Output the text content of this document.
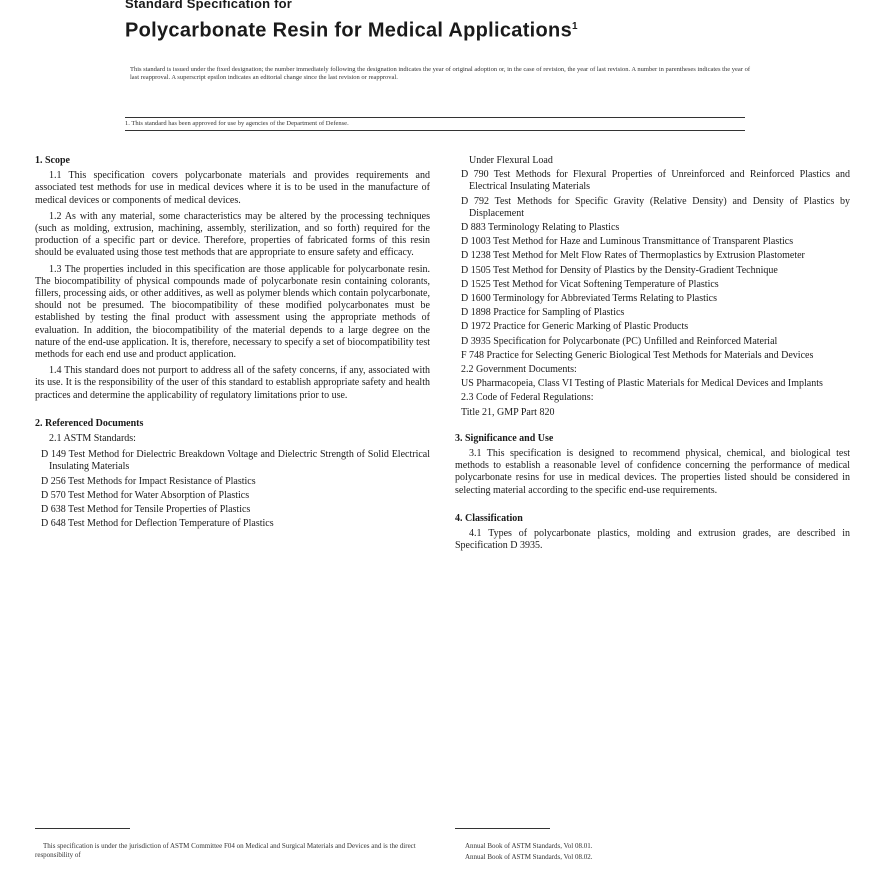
Standard Specification for
Polycarbonate Resin for Medical Applications$^1$
This standard is issued under the fixed designation; the number immediately following the designation indicates the year of original adoption or, in the case of revision, the year of last revision. A number in parentheses indicates the year of last reapproval. A superscript epsilon indicates an editorial change since the last revision or reapproval.
1. This standard has been approved for use by agencies of the Department of Defense.
1. Scope

1.1 This specification covers polycarbonate materials and provides requirements and associated test methods for use in medical devices where it is to be used in the manufacture of medical devices or components of medical devices.

1.2 As with any material, some characteristics may be altered by the processing techniques (such as molding, extrusion, machining, assembly, sterilization, and so forth) required for the production of a specific part or device. Therefore, properties of fabricated forms of this resin should be evaluated using those test methods that are appropriate to ensure safety and efficacy.

1.3 The properties included in this specification are those applicable for polycarbonate resin. The biocompatibility of physical compounds made of polycarbonate resin containing colorants, fillers, processing aids, or other additives, as well as polymer blends which contain polycarbonate, should not be presumed. The biocompatibility of these modified polycarbonates must be established by testing the final product with assessment using the appropriate methods of evaluation. In addition, the biocompatibility of the material depends to a large degree on the nature of the end-use application. It is, therefore, necessary to specify a set of biocompatibility test methods for each end use and product application.

1.4 This standard does not purport to address all of the safety concerns, if any, associated with its use. It is the responsibility of the user of this standard to establish appropriate safety and health practices and determine the applicability of regulatory limitations prior to use.

2. Referenced Documents

2.1 ASTM Standards:

D 149 Test Method for Dielectric Breakdown Voltage and Dielectric Strength of Solid Electrical Insulating Materials
D 256 Test Methods for Impact Resistance of Plastics
D 570 Test Method for Water Absorption of Plastics
D 638 Test Method for Tensile Properties of Plastics
D 648 Test Method for Deflection Temperature of Plastics
Under Flexural Load
D 790 Test Methods for Flexural Properties of Unreinforced and Reinforced Plastics and Electrical Insulating Materials
D 792 Test Methods for Specific Gravity (Relative Density) and Density of Plastics by Displacement
D 883 Terminology Relating to Plastics
D 1003 Test Method for Haze and Luminous Transmittance of Transparent Plastics
D 1238 Test Method for Melt Flow Rates of Thermoplastics by Extrusion Plastometer
D 1505 Test Method for Density of Plastics by the Density-Gradient Technique
D 1525 Test Method for Vicat Softening Temperature of Plastics
D 1600 Terminology for Abbreviated Terms Relating to Plastics
D 1898 Practice for Sampling of Plastics
D 1972 Practice for Generic Marking of Plastic Products
D 3935 Specification for Polycarbonate (PC) Unfilled and Reinforced Material
F 748 Practice for Selecting Generic Biological Test Methods for Materials and Devices
2.2 Government Documents:
US Pharmacopeia, Class VI Testing of Plastic Materials for Medical Devices and Implants
2.3 Code of Federal Regulations:
Title 21, GMP Part 820
3. Significance and Use

3.1 This specification is designed to recommend physical, chemical, and biological test methods to establish a reasonable level of confidence concerning the performance of medical polycarbonate resins for use in medical devices. The properties listed should be considered in selecting material according to the specific end-use requirements.

4. Classification

4.1 Types of polycarbonate plastics, molding and extrusion grades, are described in Specification D 3935.

This specification is under the jurisdiction of ASTM Committee F04 on Medical and Surgical Materials and Devices and is the direct responsibility of
Annual Book of ASTM Standards, Vol 08.01.
Annual Book of ASTM Standards, Vol 08.02.
